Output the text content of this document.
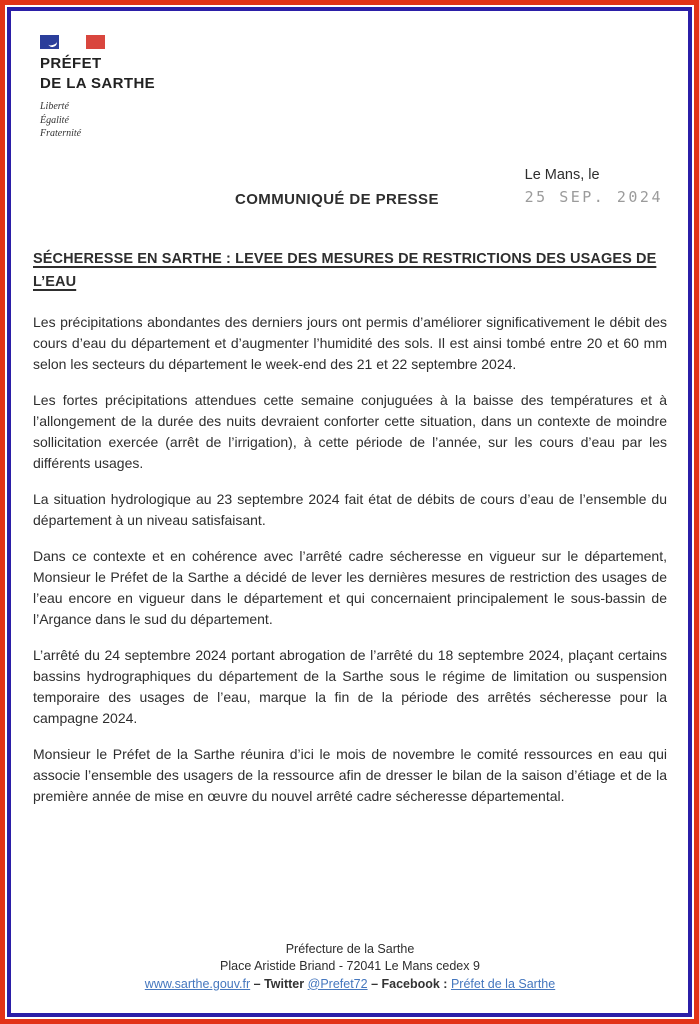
PRÉFET
DE LA SARTHE
Liberté
Égalité
Fraternité
COMMUNIQUÉ DE PRESSE
Le Mans, le
25 SEP. 2024
SÉCHERESSE EN SARTHE : LEVEE DES MESURES DE RESTRICTIONS DES USAGES DE L’EAU

Les précipitations abondantes des derniers jours ont permis d’améliorer significativement le débit des cours d’eau du département et d’augmenter l’humidité des sols. Il est ainsi tombé entre 20 et 60 mm selon les secteurs du département le week-end des 21 et 22 septembre 2024.

Les fortes précipitations attendues cette semaine conjuguées à la baisse des températures et à l’allongement de la durée des nuits devraient conforter cette situation, dans un contexte de moindre sollicitation exercée (arrêt de l’irrigation), à cette période de l’année, sur les cours d’eau par les différents usages.

La situation hydrologique au 23 septembre 2024 fait état de débits de cours d’eau de l’ensemble du département à un niveau satisfaisant.

Dans ce contexte et en cohérence avec l’arrêté cadre sécheresse en vigueur sur le département, Monsieur le Préfet de la Sarthe a décidé de lever les dernières mesures de restriction des usages de l’eau encore en vigueur dans le département et qui concernaient principalement le sous-bassin de l’Argance dans le sud du département.

L’arrêté du 24 septembre 2024 portant abrogation de l’arrêté du 18 septembre 2024, plaçant certains bassins hydrographiques du département de la Sarthe sous le régime de limitation ou suspension temporaire des usages de l’eau, marque la fin de la période des arrêtés sécheresse pour la campagne 2024.

Monsieur le Préfet de la Sarthe réunira d’ici le mois de novembre le comité ressources en eau qui associe l’ensemble des usagers de la ressource afin de dresser le bilan de la saison d’étiage et de la première année de mise en œuvre du nouvel arrêté cadre sécheresse départemental.

Préfecture de la Sarthe
Place Aristide Briand - 72041 Le Mans cedex 9
www.sarthe.gouv.fr – Twitter @Prefet72 – Facebook : Préfet de la Sarthe
